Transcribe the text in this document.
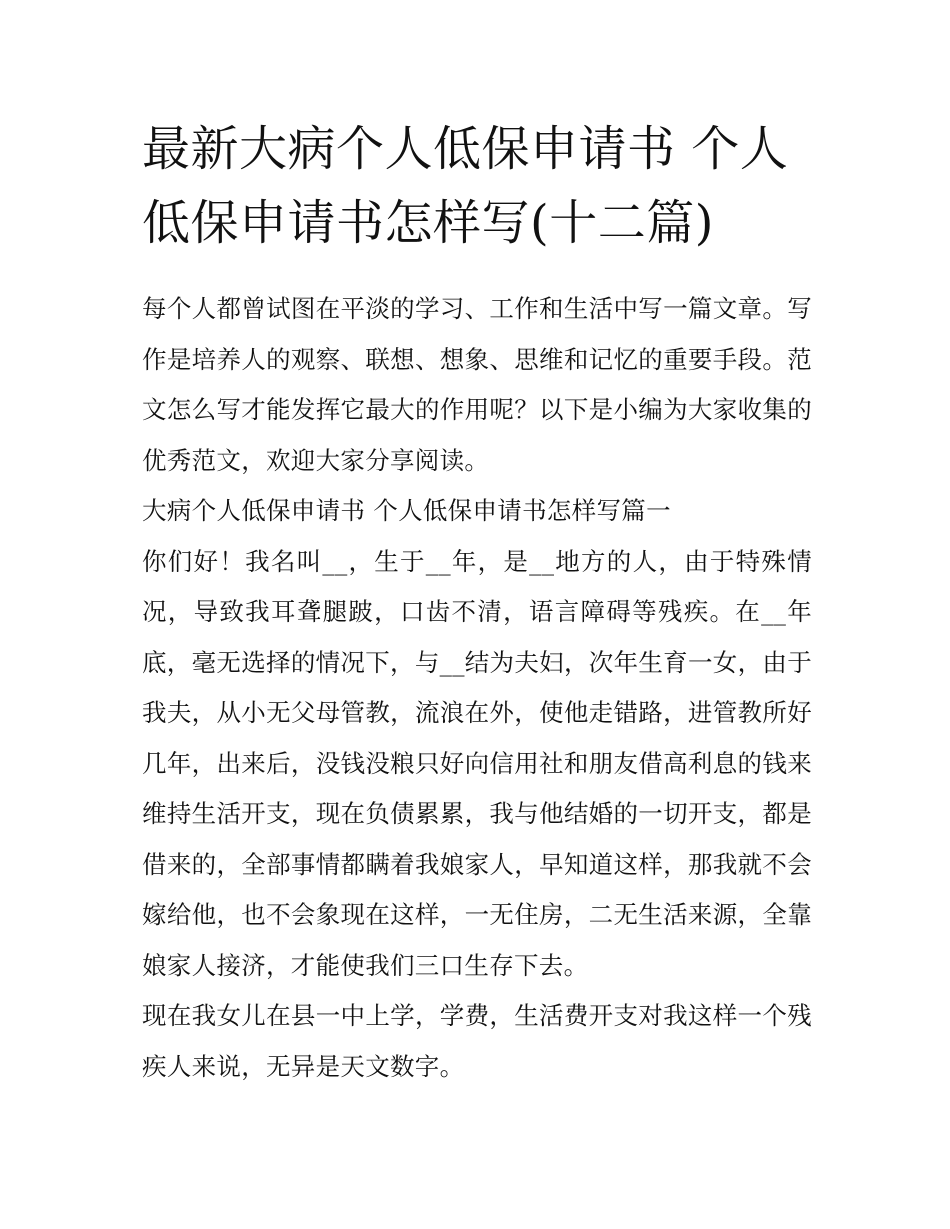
最新大病个人低保申请书 个人低保申请书怎样写(十二篇)

每个人都曾试图在平淡的学习、工作和生活中写一篇文章。写作是培养人的观察、联想、想象、思维和记忆的重要手段。范文怎么写才能发挥它最大的作用呢？以下是小编为大家收集的优秀范文，欢迎大家分享阅读。

大病个人低保申请书 个人低保申请书怎样写篇一

你们好！我名叫__，生于__年，是__地方的人，由于特殊情况，导致我耳聋腿跛，口齿不清，语言障碍等残疾。在__年底，毫无选择的情况下，与__结为夫妇，次年生育一女，由于我夫，从小无父母管教，流浪在外，使他走错路，进管教所好几年，出来后，没钱没粮只好向信用社和朋友借高利息的钱来维持生活开支，现在负债累累，我与他结婚的一切开支，都是借来的，全部事情都瞒着我娘家人，早知道这样，那我就不会嫁给他，也不会象现在这样，一无住房，二无生活来源，全靠娘家人接济，才能使我们三口生存下去。

现在我女儿在县一中上学，学费，生活费开支对我这样一个残疾人来说，无异是天文数字。
